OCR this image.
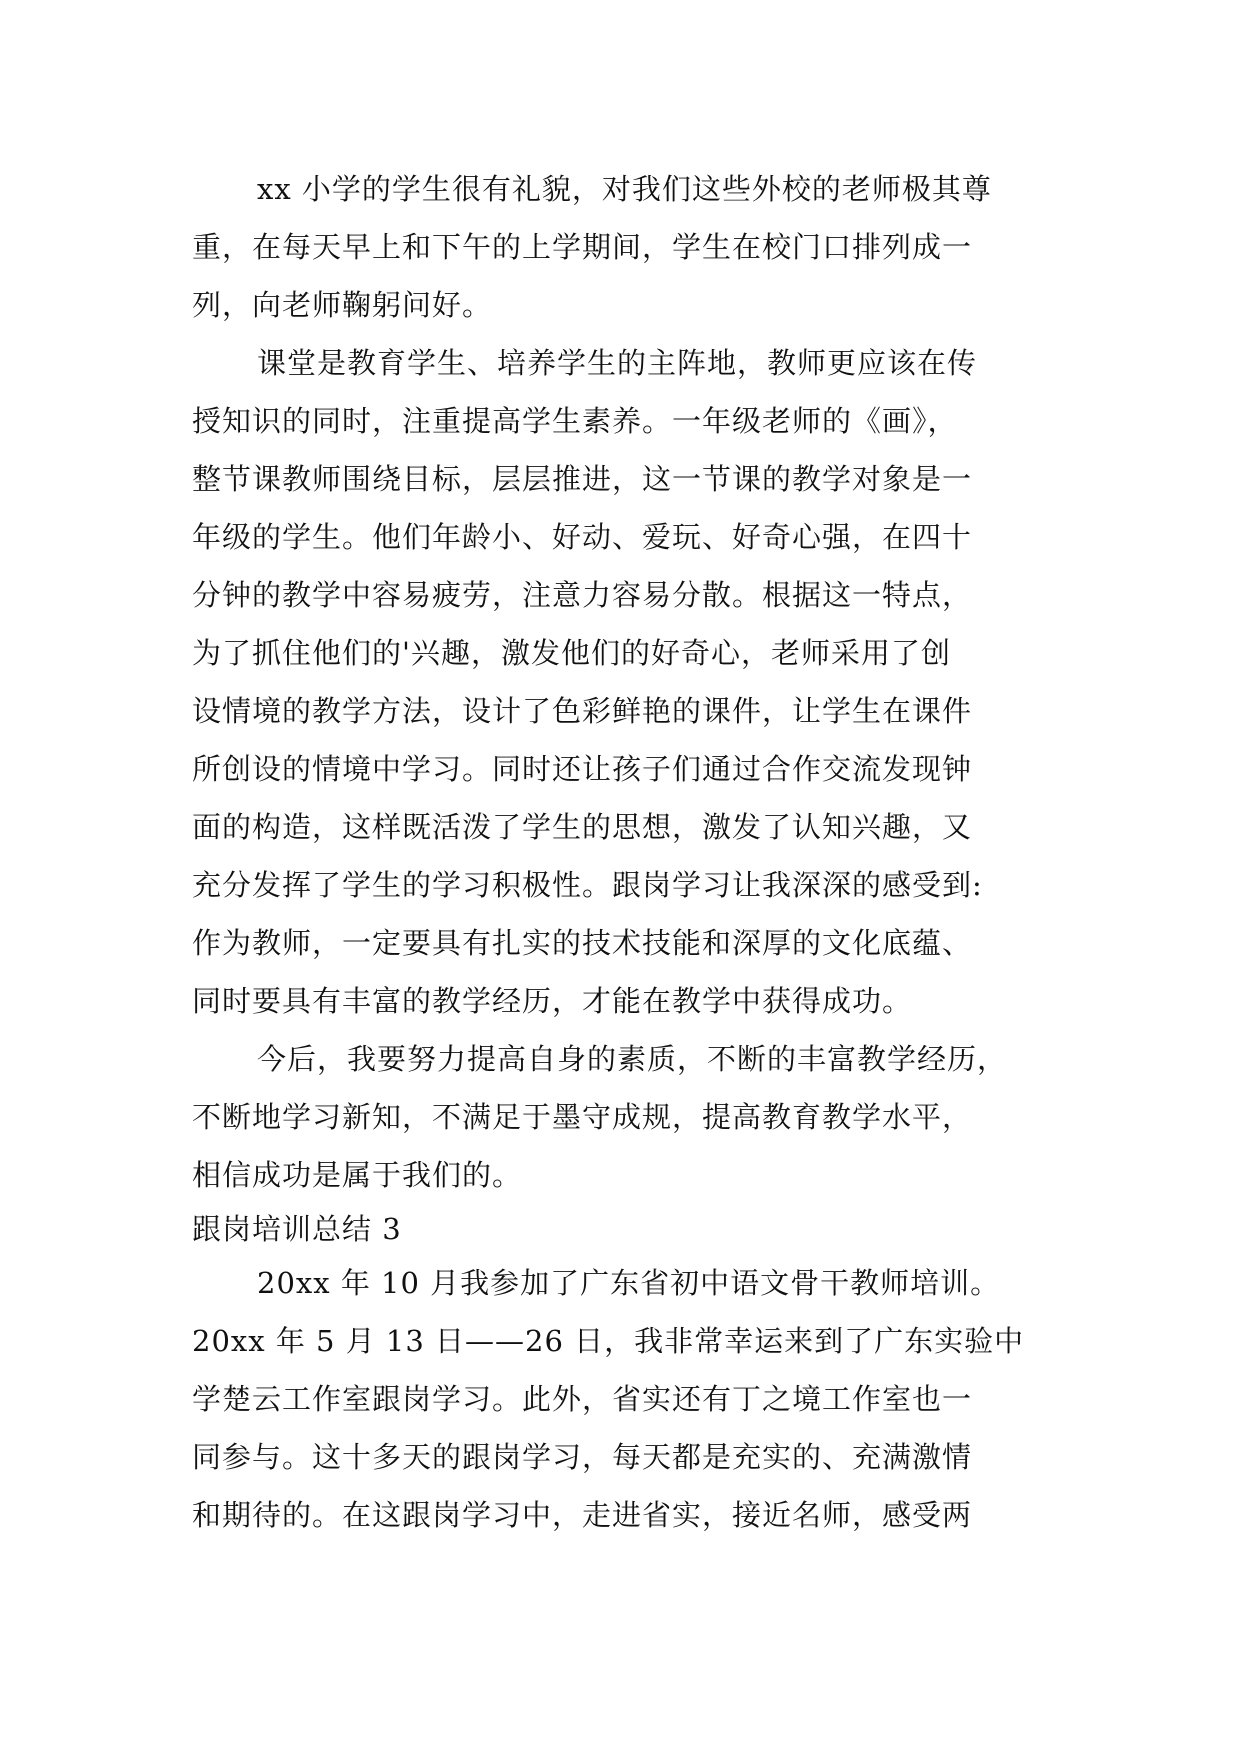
xx 小学的学生很有礼貌，对我们这些外校的老师极其尊
重，在每天早上和下午的上学期间，学生在校门口排列成一
列，向老师鞠躬问好。
课堂是教育学生、培养学生的主阵地，教师更应该在传
授知识的同时，注重提高学生素养。一年级老师的《画》，
整节课教师围绕目标，层层推进，这一节课的教学对象是一
年级的学生。他们年龄小、好动、爱玩、好奇心强，在四十
分钟的教学中容易疲劳，注意力容易分散。根据这一特点，
为了抓住他们的'兴趣，激发他们的好奇心，老师采用了创
设情境的教学方法，设计了色彩鲜艳的课件，让学生在课件
所创设的情境中学习。同时还让孩子们通过合作交流发现钟
面的构造，这样既活泼了学生的思想，激发了认知兴趣，又
充分发挥了学生的学习积极性。跟岗学习让我深深的感受到:
作为教师，一定要具有扎实的技术技能和深厚的文化底蕴、
同时要具有丰富的教学经历，才能在教学中获得成功。
今后，我要努力提高自身的素质，不断的丰富教学经历，
不断地学习新知，不满足于墨守成规，提高教育教学水平，
相信成功是属于我们的。
跟岗培训总结 3
20xx 年 10 月我参加了广东省初中语文骨干教师培训。
20xx 年 5 月 13 日——26 日，我非常幸运来到了广东实验中
学楚云工作室跟岗学习。此外，省实还有丁之境工作室也一
同参与。这十多天的跟岗学习，每天都是充实的、充满激情
和期待的。在这跟岗学习中，走进省实，接近名师，感受两
